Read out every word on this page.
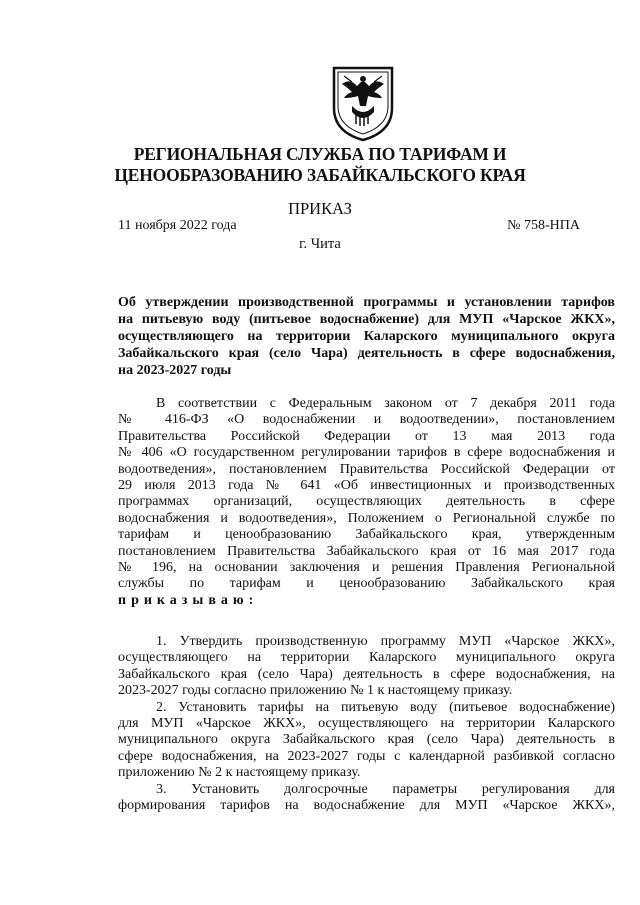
РЕГИОНАЛЬНАЯ СЛУЖБА ПО ТАРИФАМ И
ЦЕНООБРАЗОВАНИЮ ЗАБАЙКАЛЬСКОГО КРАЯ
ПРИКАЗ
11 ноября 2022 года	№ 758-НПА
г. Чита
Об утверждении производственной программы и установлении тарифов
на питьевую воду (питьевое водоснабжение) для МУП «Чарское ЖКХ»,
осуществляющего на территории Каларского муниципального округа
Забайкальского края (село Чара) деятельность в сфере водоснабжения,
на 2023-2027 годы
В соответствии с Федеральным законом от 7 декабря 2011 года
№ 416-ФЗ «О водоснабжении и водоотведении», постановлением
Правительства Российской Федерации от 13 мая 2013 года
№ 406 «О государственном регулировании тарифов в сфере водоснабжения и
водоотведения», постановлением Правительства Российской Федерации от
29 июля 2013 года № 641 «Об инвестиционных и производственных
программах организаций, осуществляющих деятельность в сфере
водоснабжения и водоотведения», Положением о Региональной службе по
тарифам и ценообразованию Забайкальского края, утвержденным
постановлением Правительства Забайкальского края от 16 мая 2017 года
№ 196, на основании заключения и решения Правления Региональной
службы по тарифам и ценообразованию Забайкальского края
приказываю:
1. Утвердить производственную программу МУП «Чарское ЖКХ»,
осуществляющего на территории Каларского муниципального округа
Забайкальского края (село Чара) деятельность в сфере водоснабжения, на
2023-2027 годы согласно приложению № 1 к настоящему приказу.
2. Установить тарифы на питьевую воду (питьевое водоснабжение)
для МУП «Чарское ЖКХ», осуществляющего на территории Каларского
муниципального округа Забайкальского края (село Чара) деятельность в
сфере водоснабжения, на 2023-2027 годы с календарной разбивкой согласно
приложению № 2 к настоящему приказу.
3. Установить долгосрочные параметры регулирования для
формирования тарифов на водоснабжение для МУП «Чарское ЖКХ»,
